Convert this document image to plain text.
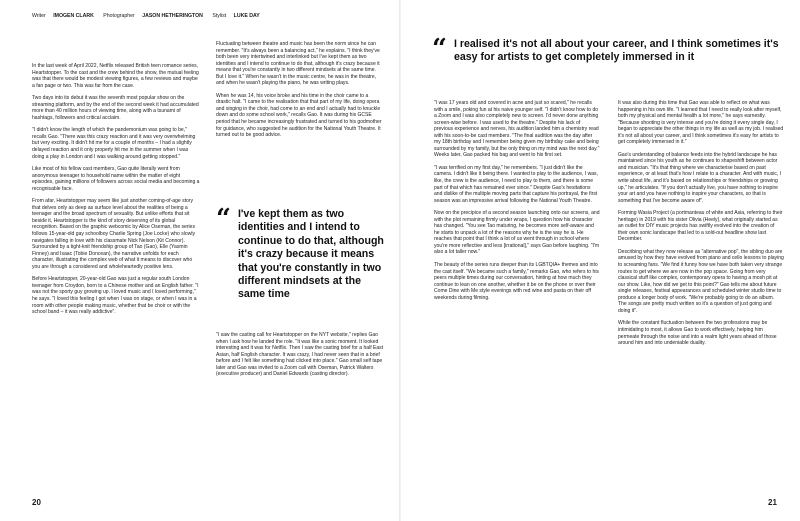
Writer IMOGEN CLARK Photographer JASON HETHERINGTON Stylist LUKE DAY

In the last week of April 2022, Netflix released British teen romance series, Heartstopper. To the cast and the crew behind the show, the mutual feeling was that there would be modest viewing figures, a few reviews and maybe a fan page or two. This was far from the case.

Two days into its debut it was the seventh most popular show on the streaming platform, and by the end of the second week it had accumulated more than 40 million hours of viewing time, along with a tsunami of hashtags, followers and critical acclaim.

"I didn't know the length of which the pandemonium was going to be," recalls Gao. "There was this crazy reaction and it was very overwhelming but very exciting. It didn't hit me for a couple of months – I had a slightly delayed reaction and it only properly hit me in the summer when I was doing a play in London and I was walking around getting stopped."

Like most of his fellow cast members, Gao quite literally went from anonymous teenager to household name within the matter of eight episodes, gaining millions of followers across social media and becoming a recognisable face.

From afar, Heartstopper may seem like just another coming-of-age story that delves only as deep as surface level about the realities of being a teenager and the broad spectrum of sexuality. But unlike efforts that sit beside it, Heartstopper is the kind of story deserving of its global recognition. Based on the graphic webcomic by Alice Oseman, the series follows 15-year-old gay schoolboy Charlie Spring (Joe Locke) who slowly navigates falling in love with his classmate Nick Nelson (Kit Connor). Surrounded by a tight-knit friendship group of Tao (Gao), Elle (Yasmin Finney) and Isaac (Tobie Donovan), the narrative unfolds for each character, illustrating the complex web of what it means to discover who you are through a considered and wholeheartedly positive lens.

Before Heartstopper, 20-year-old Gao was just a regular south London teenager from Croydon, born to a Chinese mother and an English father. "I was not the sporty guy growing up. I loved music and I loved performing," he says. "I loved this feeling I got when I was on stage, or when I was in a room with other people making music, whether that be choir or with the school band – it was really addictive".

Fluctuating between theatre and music has been the norm since he can remember. "It's always been a balancing act," he explains. "I think they've both been very intertwined and interlinked but I've kept them as two identities and I intend to continue to do that, although it's crazy because it means that you're constantly in two different mindsets at the same time. But I love it." When he wasn't in the music centre, he was in the theatre, and when he wasn't playing the piano, he was writing plays.

When he was 14, his voice broke and his time in the choir came to a drastic halt. "I came to the realisation that that part of my life, doing opera and singing in the choir, had come to an end and I actually had to knuckle down and do some school work," recalls Gao. It was during his GCSE period that he became increasingly frustrated and turned to his godmother for guidance, who suggested he audition for the National Youth Theatre. It turned out to be good advice.

“ I've kept them as two identities and I intend to continue to do that, although it's crazy because it means that you're constantly in two different mindsets at the same time

"I saw the casting call for Heartstopper on the NYT website," replies Gao when I ask how he landed the role. "It was like a sonic moment. It looked interesting and it was for Netflix. Then I saw the casting brief for a half East Asian, half English character. It was crazy, I had never seen that in a brief before and I felt like something had clicked into place." Gao small self tape later and Gao was invited to a Zoom call with Oseman, Patrick Walters (executive producer) and Daniel Edwards (casting director).

20
“ I realised it's not all about your career, and I think sometimes it's easy for artists to get completely immersed in it

"I was 17 years old and covered in acne and just so scared," he recalls with a smile, poking fun at his naive younger self. "I didn't know how to do a Zoom and I was also completely new to screen. I'd never done anything screen-wise before. I was used to the theatre." Despite his lack of previous experience and nerves, his audition landed him a chemistry read with his soon-to-be cast members. "The final audition was the day after my 18th birthday and I remember being given my birthday cake and being surrounded by my family, but the only thing on my mind was the next day." Weeks later, Gao packed his bag and went to his first set.

"I was terrified on my first day," he remembers. "I just didn't like the camera. I didn't like it being there. I wanted to play to the audience, I was, like, the crew is the audience, I need to play to them, and there is some part of that which has remained ever since." Despite Gao's hesitations and dislike of the multiple moving parts that capture his portrayal, the first season was an impressive arrival following the National Youth Theatre.

Now on the precipice of a second season launching onto our screens, and with the plot remaining firmly under wraps, I question how his character has changed. "You see Tao maturing, he becomes more self-aware and he starts to unpack a lot of the reasons why he is the way he is. He reaches that point that I think a lot of us went through in school where you're more reflective and less [irrational]," says Gao before laughing. "I'm also a lot taller now."

The beauty of the series runs deeper than its LGBTQIA+ themes and into the cast itself. "We became such a family," remarks Gao, who refers to his peers multiple times during our conversation, hinting at how much they continue to lean on one another, whether it be on the phone or over their Come Dine with Me style evenings with red wine and pasta on their off weekends during filming.

It was also during this time that Gao was able to reflect on what was happening in his own life. "I learned that I need to really look after myself, both my physical and mental health a lot more," he says earnestly. "Because shooting is very intense and you're doing it every single day, I began to appreciate the other things in my life as well as my job. I realised it's not all about your career, and I think sometimes it's easy for artists to get completely immersed in it."

Gao's understanding of balance feeds into the hybrid landscape he has maintained since his youth as he continues to shapeshift between actor and musician. "It's that thing where we characterise based on past experience, or at least that's how I relate to a character. And with music, I write about life, and it's based on relationships or friendships or growing up," he articulates. "If you don't actually live, you have nothing to inspire your art and you have nothing to inspire your characters, so that is something that I've become aware of".

Forming Wasia Project (a portmanteau of white and Asia, referring to their heritage) in 2019 with his sister Olivia (Heely), what originally started as an outlet for DIY music projects has swiftly evolved into the creation of their own sonic landscape that led to a sold-out headline show last December.

Describing what they now release as "alternative pop", the sibling duo are amused by how they have evolved from piano and cello lessons to playing to screaming fans. "We find it funny how we have both taken very strange routes to get where we are now in the pop space. Going from very classical stuff like complex, contemporary opera to having a mosh pit at our show. Like, how did we get to this point?" Gao tells me about future single releases, festival appearances and scheduled winter studio time to produce a longer body of work. "We're probably going to do an album. The songs are pretty much written so it's a question of just going and doing it".

While the constant fluctuation between the two professions may be intimidating to most, it allows Gao to work effectively, helping him permeate through the noise and into a realm light years ahead of those around him and into undeniable duality.

21
